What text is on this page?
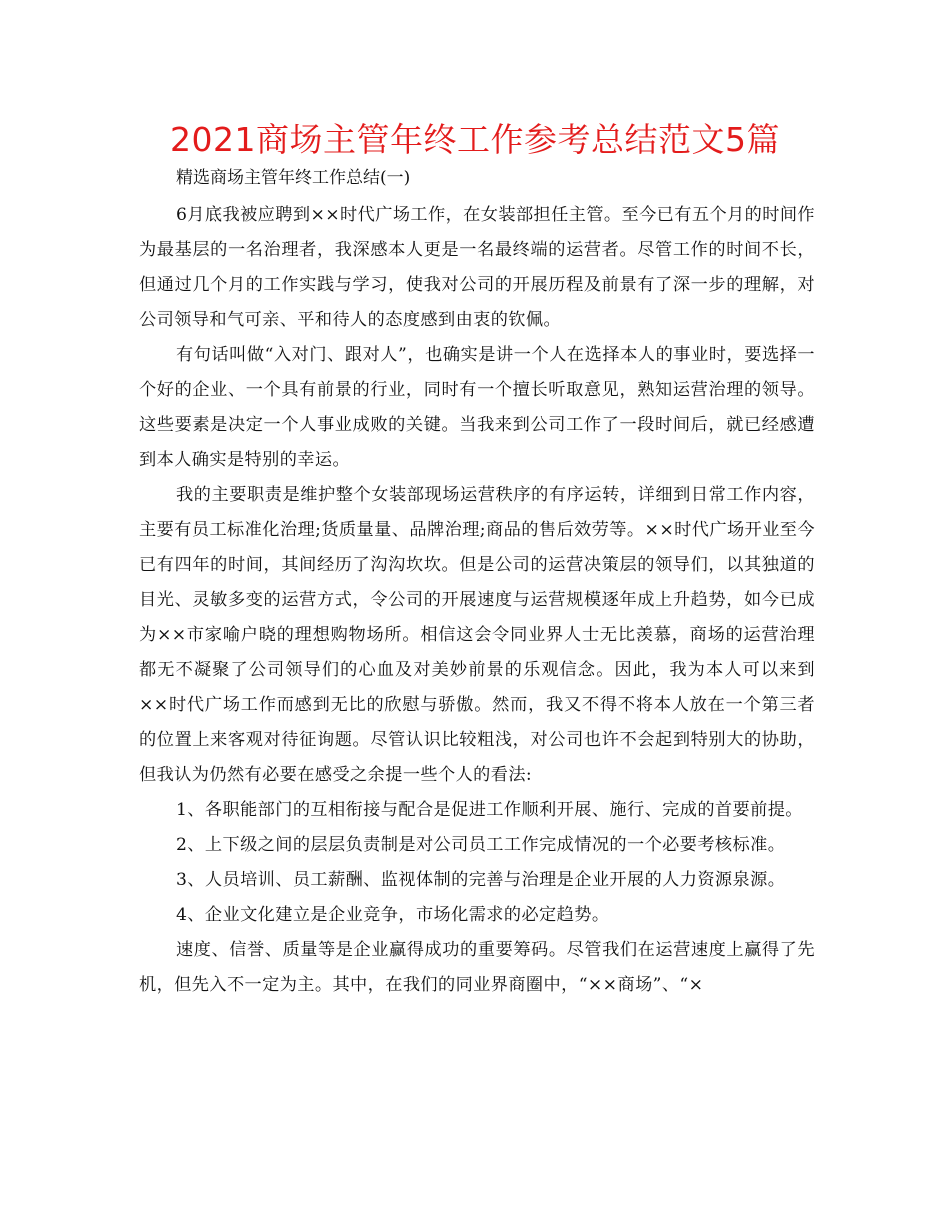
2021商场主管年终工作参考总结范文5篇

精选商场主管年终工作总结(一)

6月底我被应聘到××时代广场工作，在女装部担任主管。至今已有五个月的时间作为最基层的一名治理者，我深感本人更是一名最终端的运营者。尽管工作的时间不长，但通过几个月的工作实践与学习，使我对公司的开展历程及前景有了深一步的理解，对公司领导和气可亲、平和待人的态度感到由衷的钦佩。

有句话叫做“入对门、跟对人”，也确实是讲一个人在选择本人的事业时，要选择一个好的企业、一个具有前景的行业，同时有一个擅长听取意见，熟知运营治理的领导。这些要素是决定一个人事业成败的关键。当我来到公司工作了一段时间后，就已经感遭到本人确实是特别的幸运。

我的主要职责是维护整个女装部现场运营秩序的有序运转，详细到日常工作内容，主要有员工标准化治理;货质量量、品牌治理;商品的售后效劳等。××时代广场开业至今已有四年的时间，其间经历了沟沟坎坎。但是公司的运营决策层的领导们，以其独道的目光、灵敏多变的运营方式，令公司的开展速度与运营规模逐年成上升趋势，如今已成为××市家喻户晓的理想购物场所。相信这会令同业界人士无比羡慕，商场的运营治理都无不凝聚了公司领导们的心血及对美妙前景的乐观信念。因此，我为本人可以来到××时代广场工作而感到无比的欣慰与骄傲。然而，我又不得不将本人放在一个第三者的位置上来客观对待征询题。尽管认识比较粗浅，对公司也许不会起到特别大的协助，但我认为仍然有必要在感受之余提一些个人的看法:

1、各职能部门的互相衔接与配合是促进工作顺利开展、施行、完成的首要前提。

2、上下级之间的层层负责制是对公司员工工作完成情况的一个必要考核标准。

3、人员培训、员工薪酬、监视体制的完善与治理是企业开展的人力资源泉源。

4、企业文化建立是企业竞争，市场化需求的必定趋势。

速度、信誉、质量等是企业赢得成功的重要筹码。尽管我们在运营速度上赢得了先机，但先入不一定为主。其中，在我们的同业界商圈中，“××商场”、“×
